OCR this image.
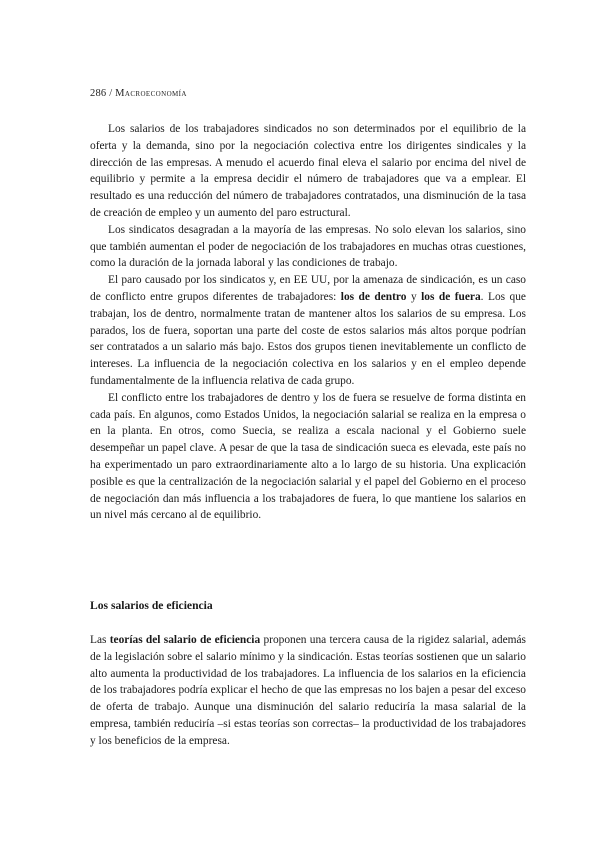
286 / Macroeconomía

Los salarios de los trabajadores sindicados no son determinados por el equilibrio de la oferta y la demanda, sino por la negociación colectiva entre los dirigentes sindicales y la dirección de las empresas. A menudo el acuerdo final eleva el salario por encima del nivel de equilibrio y permite a la empresa decidir el número de trabajadores que va a emplear. El resultado es una reducción del número de trabajadores contratados, una disminución de la tasa de creación de empleo y un aumento del paro estructural.

Los sindicatos desagradan a la mayoría de las empresas. No solo elevan los salarios, sino que también aumentan el poder de negociación de los trabajadores en muchas otras cuestiones, como la duración de la jornada laboral y las condiciones de trabajo.

El paro causado por los sindicatos y, en EE UU, por la amenaza de sindicación, es un caso de conflicto entre grupos diferentes de trabajadores: los de dentro y los de fuera. Los que trabajan, los de dentro, normalmente tratan de mantener altos los salarios de su empresa. Los parados, los de fuera, soportan una parte del coste de estos salarios más altos porque podrían ser contratados a un salario más bajo. Estos dos grupos tienen inevitablemente un conflicto de intereses. La influencia de la negociación colectiva en los salarios y en el empleo depende fundamentalmente de la influencia relativa de cada grupo.

El conflicto entre los trabajadores de dentro y los de fuera se resuelve de forma distinta en cada país. En algunos, como Estados Unidos, la negociación salarial se realiza en la empresa o en la planta. En otros, como Suecia, se realiza a escala nacional y el Gobierno suele desempeñar un papel clave. A pesar de que la tasa de sindicación sueca es elevada, este país no ha experimentado un paro extraordinariamente alto a lo largo de su historia. Una explicación posible es que la centralización de la negociación salarial y el papel del Gobierno en el proceso de negociación dan más influencia a los trabajadores de fuera, lo que mantiene los salarios en un nivel más cercano al de equilibrio.

Los salarios de eficiencia

Las teorías del salario de eficiencia proponen una tercera causa de la rigidez salarial, además de la legislación sobre el salario mínimo y la sindicación. Estas teorías sostienen que un salario alto aumenta la productividad de los trabajadores. La influencia de los salarios en la eficiencia de los trabajadores podría explicar el hecho de que las empresas no los bajen a pesar del exceso de oferta de trabajo. Aunque una disminución del salario reduciría la masa salarial de la empresa, también reduciría –si estas teorías son correctas– la productividad de los trabajadores y los beneficios de la empresa.
